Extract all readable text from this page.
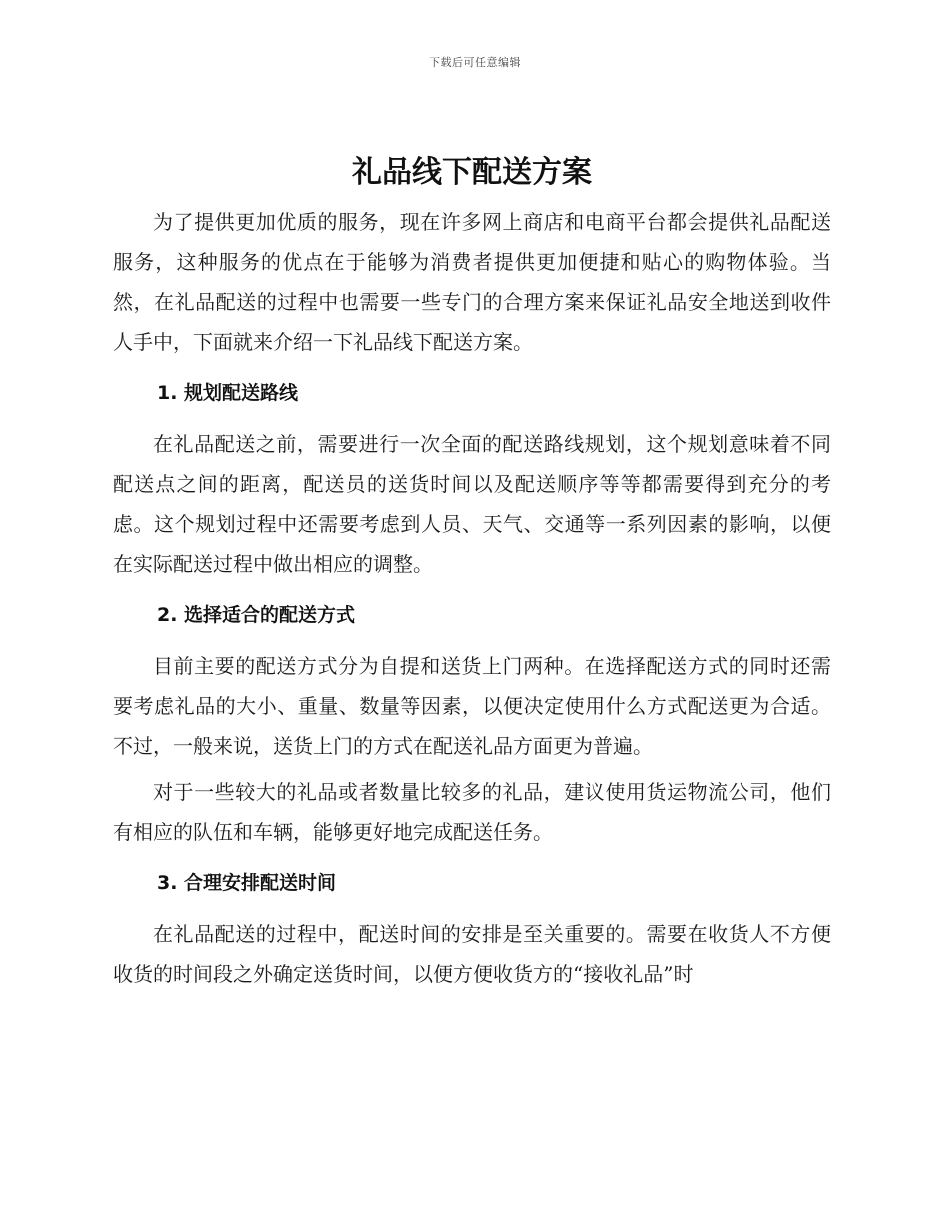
下载后可任意编辑
礼品线下配送方案

为了提供更加优质的服务，现在许多网上商店和电商平台都会提供礼品配送服务，这种服务的优点在于能够为消费者提供更加便捷和贴心的购物体验。当然，在礼品配送的过程中也需要一些专门的合理方案来保证礼品安全地送到收件人手中，下面就来介绍一下礼品线下配送方案。

1. 规划配送路线

在礼品配送之前，需要进行一次全面的配送路线规划，这个规划意味着不同配送点之间的距离，配送员的送货时间以及配送顺序等等都需要得到充分的考虑。这个规划过程中还需要考虑到人员、天气、交通等一系列因素的影响，以便在实际配送过程中做出相应的调整。

2. 选择适合的配送方式

目前主要的配送方式分为自提和送货上门两种。在选择配送方式的同时还需要考虑礼品的大小、重量、数量等因素，以便决定使用什么方式配送更为合适。不过，一般来说，送货上门的方式在配送礼品方面更为普遍。

对于一些较大的礼品或者数量比较多的礼品，建议使用货运物流公司，他们有相应的队伍和车辆，能够更好地完成配送任务。

3. 合理安排配送时间

在礼品配送的过程中，配送时间的安排是至关重要的。需要在收货人不方便收货的时间段之外确定送货时间，以便方便收货方的“接收礼品”时
